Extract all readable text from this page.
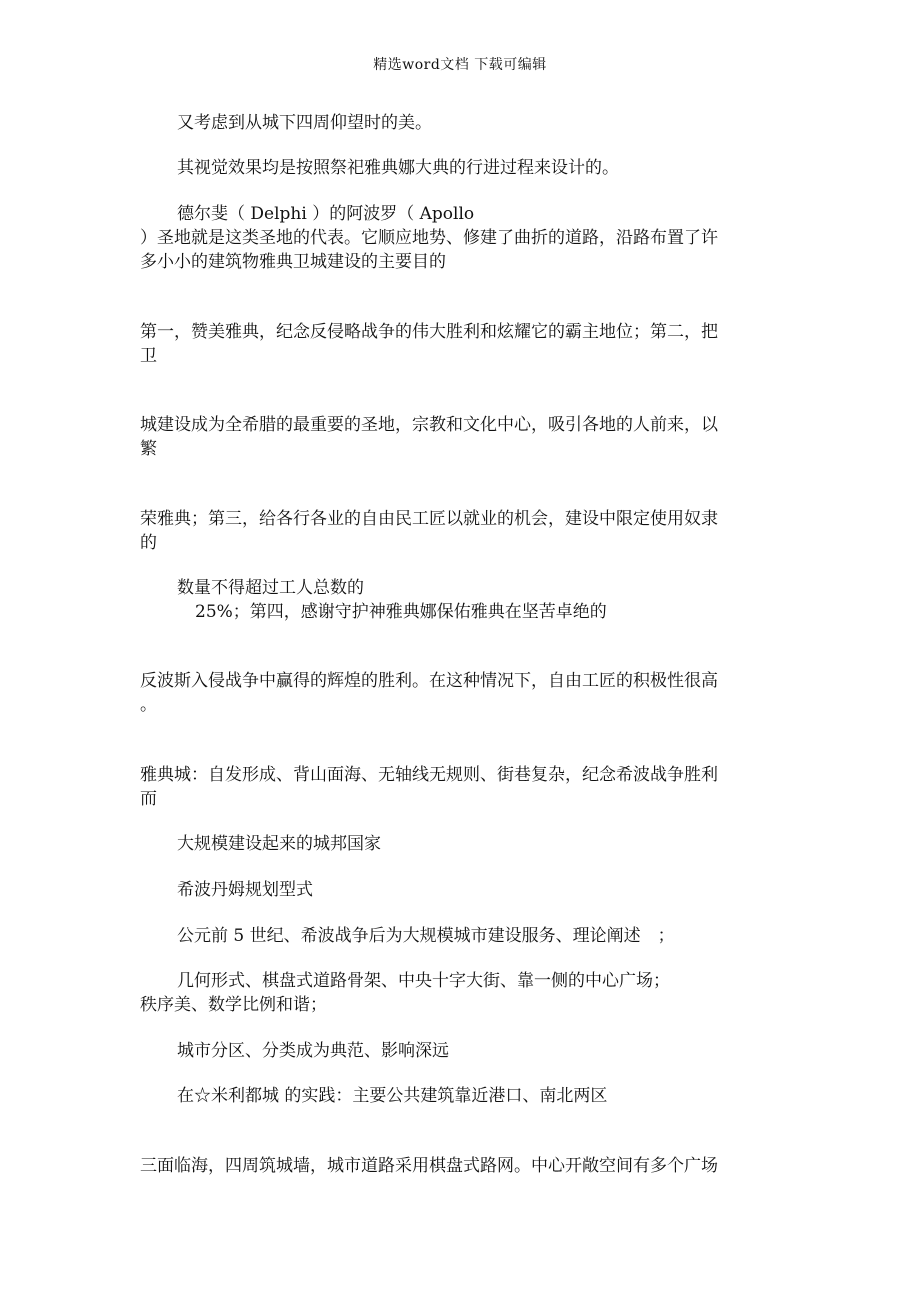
精选word文档 下载可编辑
又考虑到从城下四周仰望时的美。
其视觉效果均是按照祭祀雅典娜大典的行进过程来设计的。
德尔斐（ Delphi ）的阿波罗（ Apollo
）圣地就是这类圣地的代表。它顺应地势、修建了曲折的道路，沿路布置了许
多小小的建筑物雅典卫城建设的主要目的
第一，赞美雅典，纪念反侵略战争的伟大胜利和炫耀它的霸主地位；第二，把
卫
城建设成为全希腊的最重要的圣地，宗教和文化中心，吸引各地的人前来，以
繁
荣雅典；第三，给各行各业的自由民工匠以就业的机会，建设中限定使用奴隶
的
数量不得超过工人总数的
25%；第四，感谢守护神雅典娜保佑雅典在坚苦卓绝的
反波斯入侵战争中赢得的辉煌的胜利。在这种情况下，自由工匠的积极性很高
。
雅典城：自发形成、背山面海、无轴线无规则、街巷复杂，纪念希波战争胜利
而
大规模建设起来的城邦国家
希波丹姆规划型式
公元前 5 世纪、希波战争后为大规模城市建设服务、理论阐述　；
几何形式、棋盘式道路骨架、中央十字大街、靠一侧的中心广场；
秩序美、数学比例和谐；
城市分区、分类成为典范、影响深远
在☆米利都城 的实践：主要公共建筑靠近港口、南北两区
三面临海，四周筑城墙，城市道路采用棋盘式路网。中心开敞空间有多个广场
